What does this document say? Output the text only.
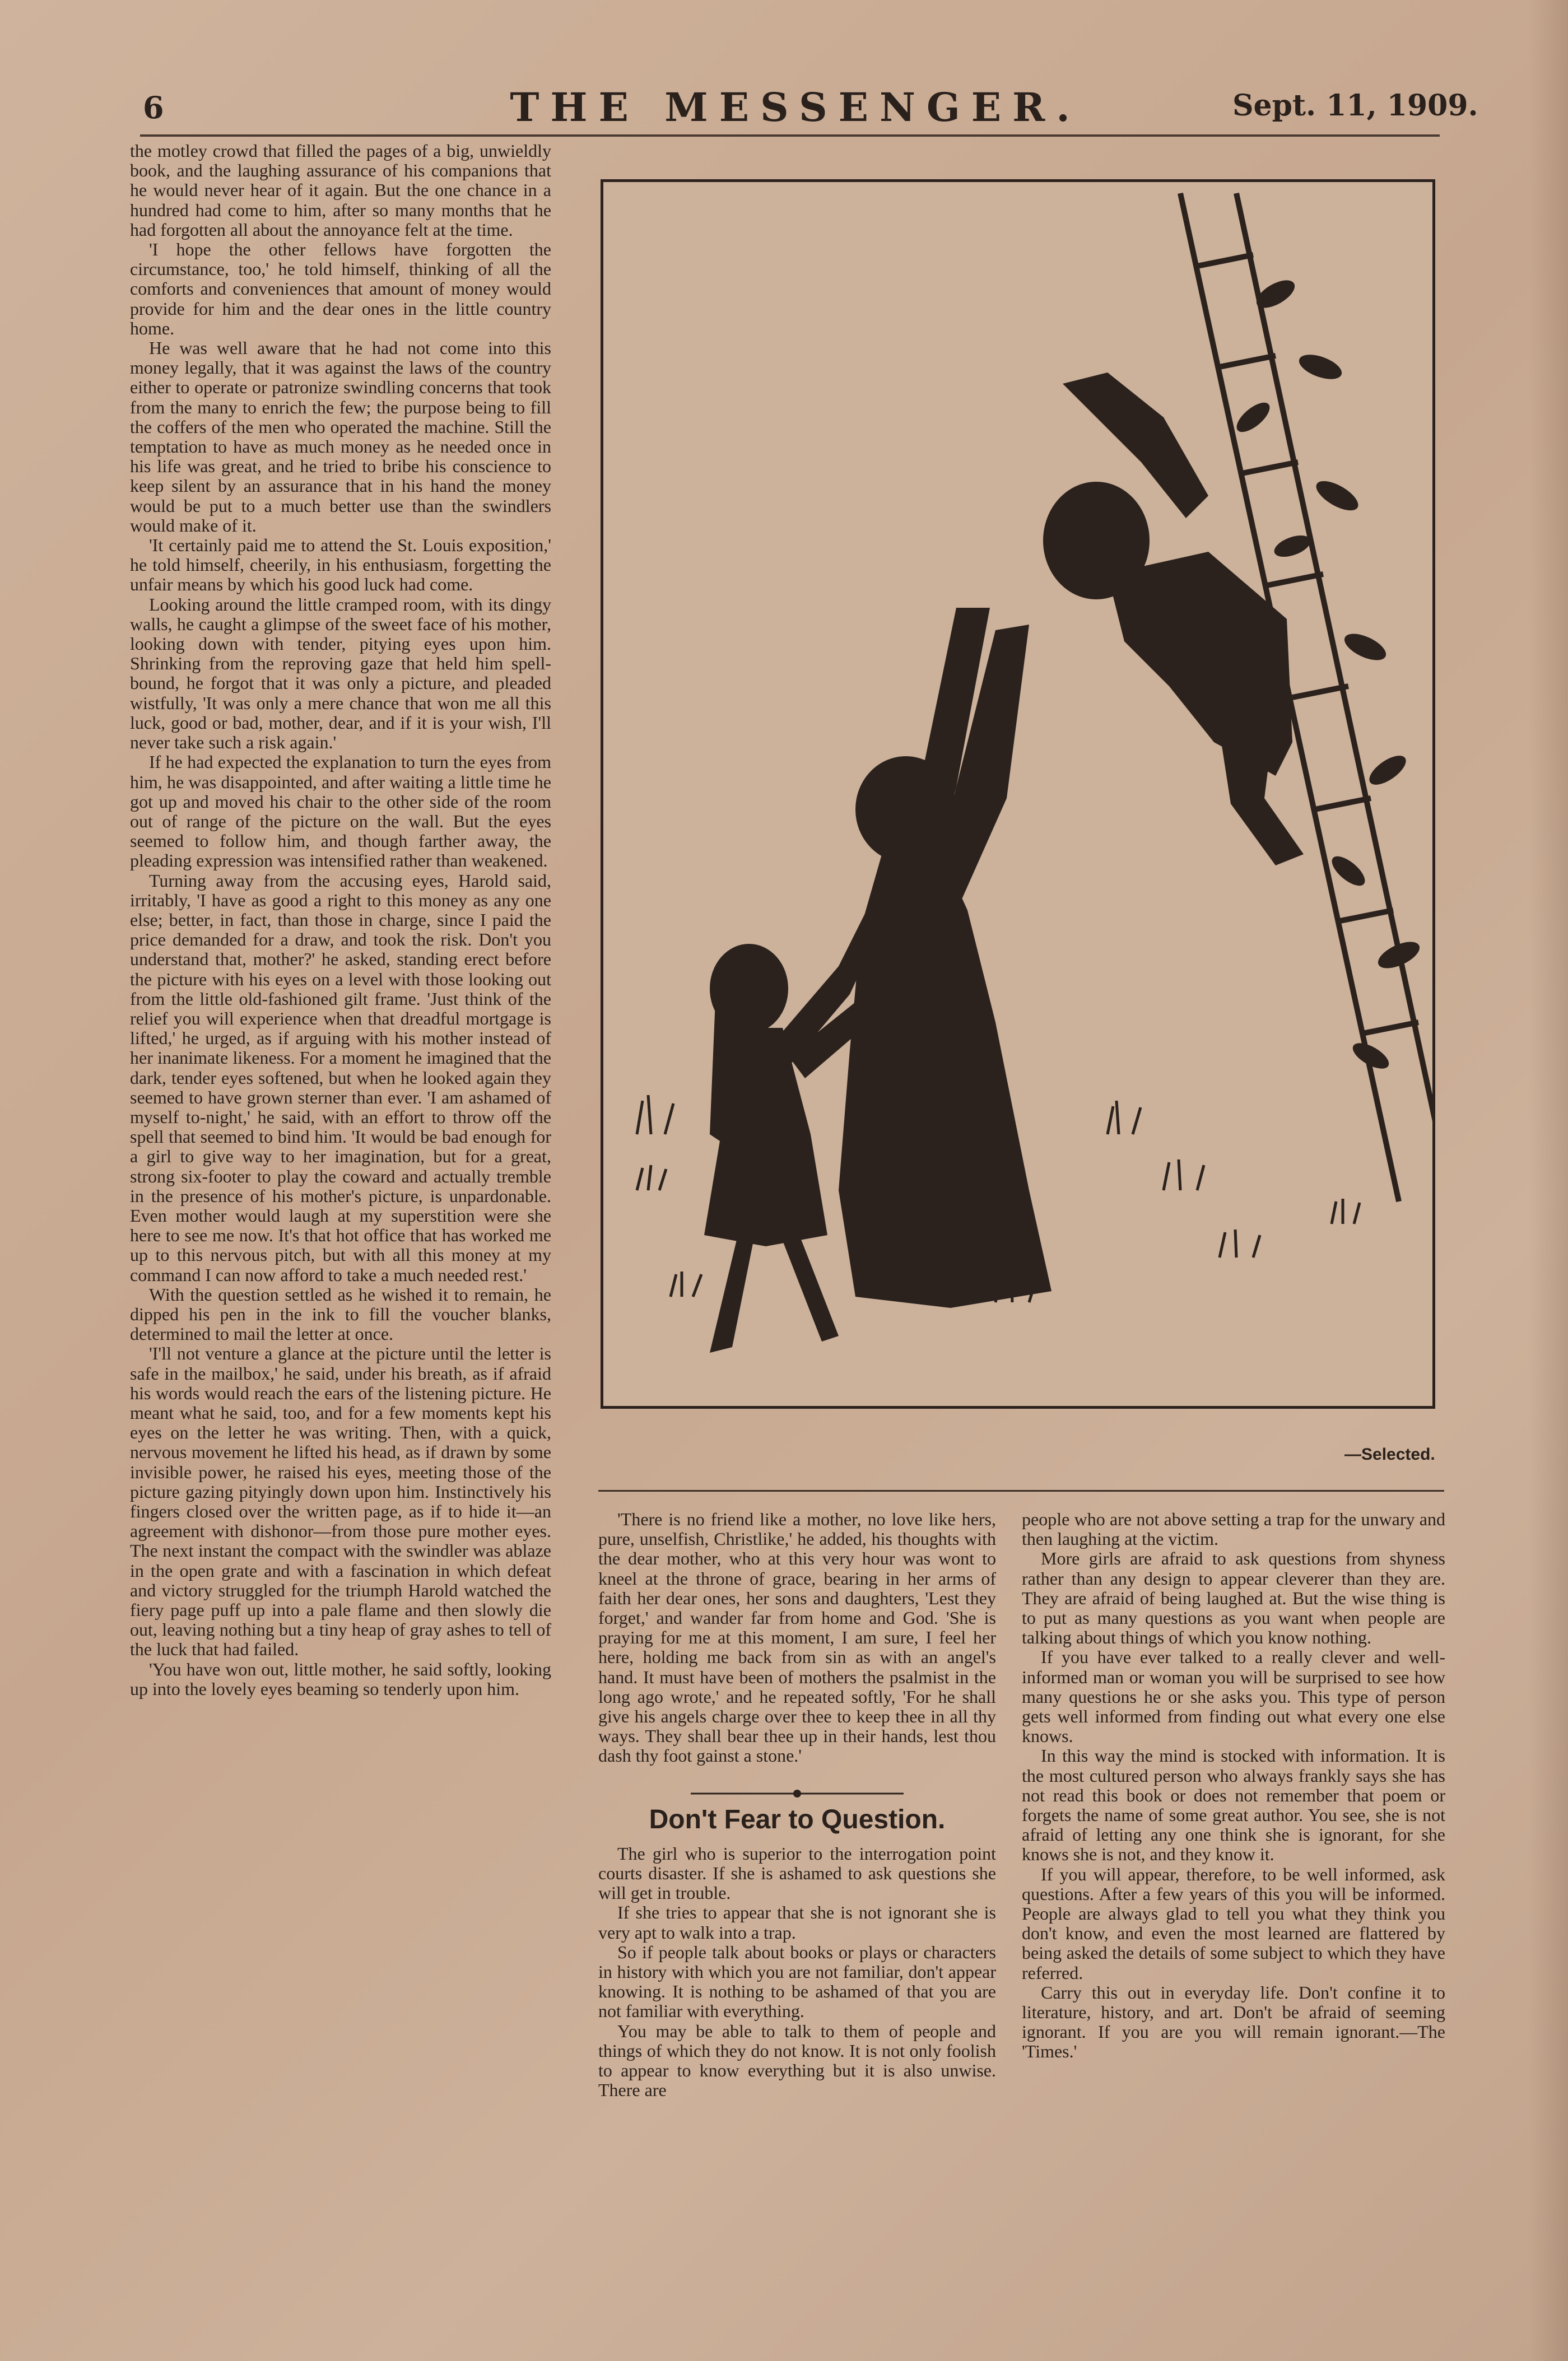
6	THE MESSENGER.	Sept. 11, 1909.

the motley crowd that filled the pages of a big, unwieldly book, and the laughing assurance of his companions that he would never hear of it again. But the one chance in a hundred had come to him, after so many months that he had forgotten all about the annoyance felt at the time.

'I hope the other fellows have forgotten the circumstance, too,' he told himself, thinking of all the comforts and conveniences that amount of money would provide for him and the dear ones in the little country home.

He was well aware that he had not come into this money legally, that it was against the laws of the country either to operate or patronize swindling concerns that took from the many to enrich the few; the purpose being to fill the coffers of the men who operated the machine. Still the temptation to have as much money as he needed once in his life was great, and he tried to bribe his conscience to keep silent by an assurance that in his hand the money would be put to a much better use than the swindlers would make of it.

'It certainly paid me to attend the St. Louis exposition,' he told himself, cheerily, in his enthusiasm, forgetting the unfair means by which his good luck had come.

Looking around the little cramped room, with its dingy walls, he caught a glimpse of the sweet face of his mother, looking down with tender, pitying eyes upon him. Shrinking from the reproving gaze that held him spell-bound, he forgot that it was only a picture, and pleaded wistfully, 'It was only a mere chance that won me all this luck, good or bad, mother, dear, and if it is your wish, I'll never take such a risk again.'

If he had expected the explanation to turn the eyes from him, he was disappointed, and after waiting a little time he got up and moved his chair to the other side of the room out of range of the picture on the wall. But the eyes seemed to follow him, and though farther away, the pleading expression was intensified rather than weakened.

Turning away from the accusing eyes, Harold said, irritably, 'I have as good a right to this money as any one else; better, in fact, than those in charge, since I paid the price demanded for a draw, and took the risk. Don't you understand that, mother?' he asked, standing erect before the picture with his eyes on a level with those looking out from the little old-fashioned gilt frame. 'Just think of the relief you will experience when that dreadful mortgage is lifted,' he urged, as if arguing with his mother instead of her inanimate likeness. For a moment he imagined that the dark, tender eyes softened, but when he looked again they seemed to have grown sterner than ever. 'I am ashamed of myself to-night,' he said, with an effort to throw off the spell that seemed to bind him. 'It would be bad enough for a girl to give way to her imagination, but for a great, strong six-footer to play the coward and actually tremble in the presence of his mother's picture, is unpardonable. Even mother would laugh at my superstition were she here to see me now. It's that hot office that has worked me up to this nervous pitch, but with all this money at my command I can now afford to take a much needed rest.'

With the question settled as he wished it to remain, he dipped his pen in the ink to fill the voucher blanks, determined to mail the letter at once.

'I'll not venture a glance at the picture until the letter is safe in the mailbox,' he said, under his breath, as if afraid his words would reach the ears of the listening picture. He meant what he said, too, and for a few moments kept his eyes on the letter he was writing. Then, with a quick, nervous movement he lifted his head, as if drawn by some invisible power, he raised his eyes, meeting those of the picture gazing pityingly down upon him. Instinctively his fingers closed over the written page, as if to hide it—an agreement with dishonor—from those pure mother eyes. The next instant the compact with the swindler was ablaze in the open grate and with a fascination in which defeat and victory struggled for the triumph Harold watched the fiery page puff up into a pale flame and then slowly die out, leaving nothing but a tiny heap of gray ashes to tell of the luck that had failed.

'You have won out, little mother, he said softly, looking up into the lovely eyes beaming so tenderly upon him.

—Selected.

'There is no friend like a mother, no love like hers, pure, unselfish, Christlike,' he added, his thoughts with the dear mother, who at this very hour was wont to kneel at the throne of grace, bearing in her arms of faith her dear ones, her sons and daughters, 'Lest they forget,' and wander far from home and God. 'She is praying for me at this moment, I am sure, I feel her here, holding me back from sin as with an angel's hand. It must have been of mothers the psalmist in the long ago wrote,' and he repeated softly, 'For he shall give his angels charge over thee to keep thee in all thy ways. They shall bear thee up in their hands, lest thou dash thy foot gainst a stone.'

Don't Fear to Question.

The girl who is superior to the interrogation point courts disaster. If she is ashamed to ask questions she will get in trouble.

If she tries to appear that she is not ignorant she is very apt to walk into a trap.

So if people talk about books or plays or characters in history with which you are not familiar, don't appear knowing. It is nothing to be ashamed of that you are not familiar with everything.

You may be able to talk to them of people and things of which they do not know. It is not only foolish to appear to know everything but it is also unwise. There are

people who are not above setting a trap for the unwary and then laughing at the victim.

More girls are afraid to ask questions from shyness rather than any design to appear cleverer than they are. They are afraid of being laughed at. But the wise thing is to put as many questions as you want when people are talking about things of which you know nothing.

If you have ever talked to a really clever and well-informed man or woman you will be surprised to see how many questions he or she asks you. This type of person gets well informed from finding out what every one else knows.

In this way the mind is stocked with information. It is the most cultured person who always frankly says she has not read this book or does not remember that poem or forgets the name of some great author. You see, she is not afraid of letting any one think she is ignorant, for she knows she is not, and they know it.

If you will appear, therefore, to be well informed, ask questions. After a few years of this you will be informed. People are always glad to tell you what they think you don't know, and even the most learned are flattered by being asked the details of some subject to which they have referred.

Carry this out in everyday life. Don't confine it to literature, history, and art. Don't be afraid of seeming ignorant. If you are you will remain ignorant.—The 'Times.'
